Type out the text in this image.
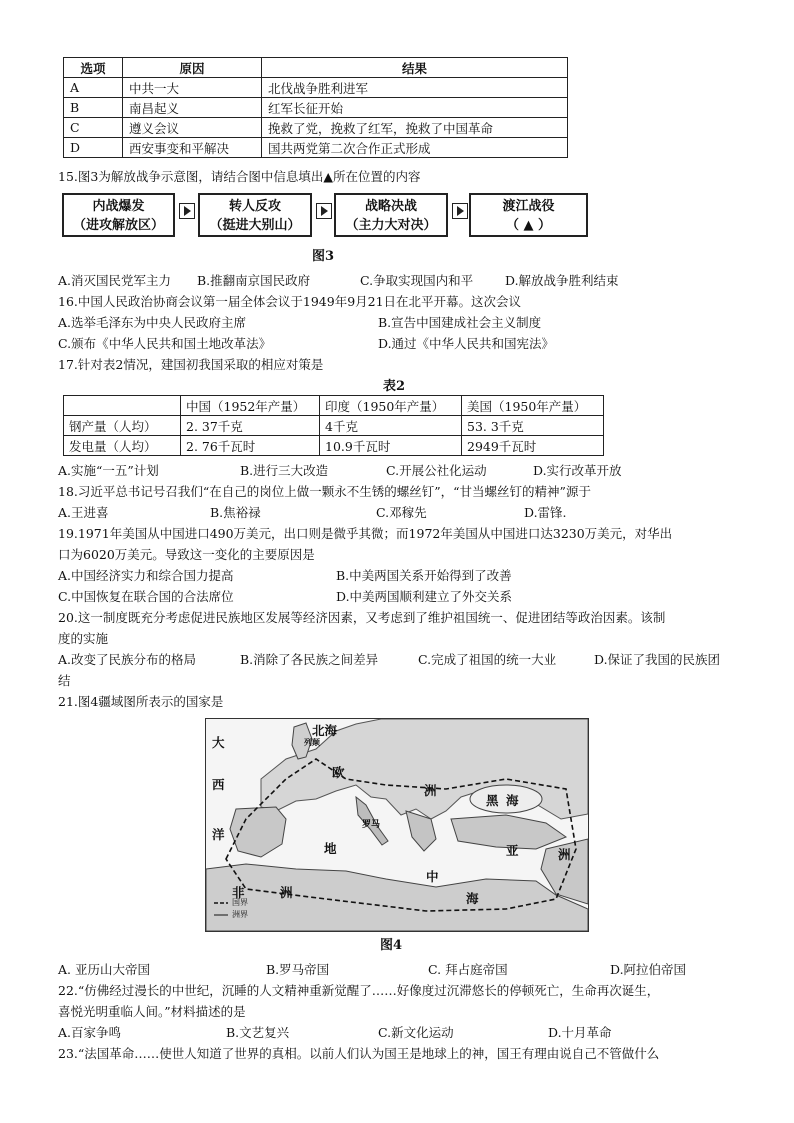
选项	原因	结果
A	中共一大	北伐战争胜利进军
B	南昌起义	红军长征开始
C	遵义会议	挽救了党，挽救了红军，挽救了中国革命
D	西安事变和平解决	国共两党第二次合作正式形成
15.图3为解放战争示意图，请结合图中信息填出▲所在位置的内容
内战爆发
（进攻解放区）
转人反攻
（挺进大别山）
战略决战
（主力大对决）
渡江战役
（ ▲ ）
图3
A.消灭国民党军主力 B.推翻南京国民政府	C.争取实现国内和平	D.解放战争胜利结束
16.中国人民政治协商会议第一届全体会议于1949年9月21日在北平开幕。这次会议
A.选举毛泽东为中央人民政府主席	B.宣告中国建成社会主义制度
C.颁布《中华人民共和国土地改革法》	D.通过《中华人民共和国宪法》
17.针对表2情况，建国初我国采取的相应对策是
表2
	中国（1952年产量）	印度（1950年产量）	美国（1950年产量）
钢产量（人均）	2. 37千克	4千克	53. 3千克
发电量（人均）	2. 76千瓦时	10.9千瓦时	2949千瓦时
A.实施“一五”计划	B.进行三大改造	C.开展公社化运动	D.实行改革开放
18.习近平总书记号召我们“在自己的岗位上做一颗永不生锈的螺丝钉”，“甘当螺丝钉的精神”源于
A.王进喜	B.焦裕禄	C.邓稼先	D.雷锋.
19.1971年美国从中国进口490万美元，出口则是微乎其微；而1972年美国从中国进口达3230万美元，对华出
口为6020万美元。导致这一变化的主要原因是
A.中国经济实力和综合国力提高	B.中美两国关系开始得到了改善
C.中国恢复在联合国的合法席位	D.中美两国顺利建立了外交关系
20.这一制度既充分考虑促进民族地区发展等经济因素，又考虑到了维护祖国统一、促进团结等政治因素。该制
度的实施
A.改变了民族分布的格局	B.消除了各民族之间差异	C.完成了祖国的统一大业	D.保证了我国的民族团
结
21.图4疆域图所表示的国家是
北海
大
西
洋
欧
洲
黑 海
亚	洲
地
中
海
非	洲
罗马
列颠
国界
洲界
图4
A. 亚历山大帝国	B.罗马帝国	C. 拜占庭帝国	D.阿拉伯帝国
22.“仿佛经过漫长的中世纪，沉睡的人文精神重新觉醒了……好像度过沉滞悠长的停顿死亡，生命再次诞生，
喜悦光明重临人间。”材料描述的是
A.百家争鸣	B.文艺复兴	C.新文化运动	D.十月革命
23.“法国革命……使世人知道了世界的真相。以前人们认为国王是地球上的神，国王有理由说自己不管做什么
